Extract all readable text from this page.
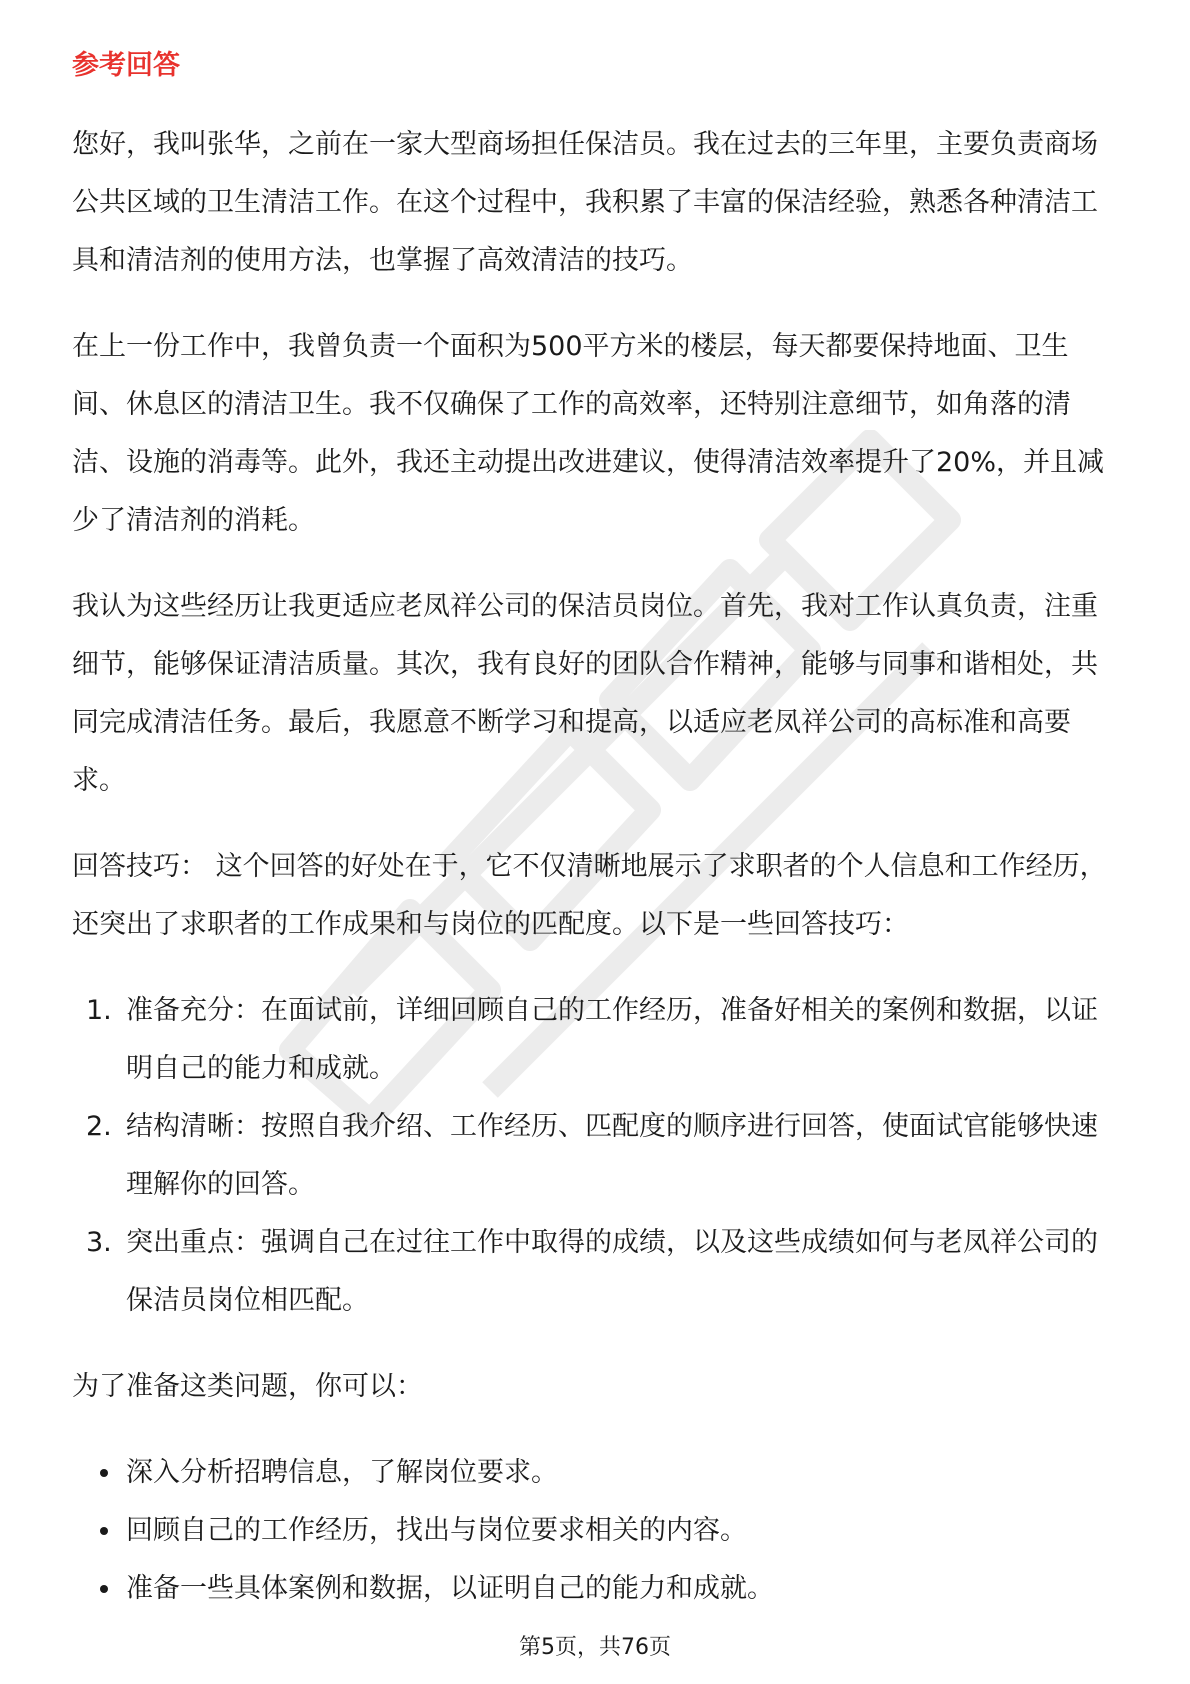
参考回答

您好，我叫张华，之前在一家大型商场担任保洁员。我在过去的三年里，主要负责商场公共区域的卫生清洁工作。在这个过程中，我积累了丰富的保洁经验，熟悉各种清洁工具和清洁剂的使用方法，也掌握了高效清洁的技巧。

在上一份工作中，我曾负责一个面积为500平方米的楼层，每天都要保持地面、卫生间、休息区的清洁卫生。我不仅确保了工作的高效率，还特别注意细节，如角落的清洁、设施的消毒等。此外，我还主动提出改进建议，使得清洁效率提升了20%，并且减少了清洁剂的消耗。

我认为这些经历让我更适应老凤祥公司的保洁员岗位。首先，我对工作认真负责，注重细节，能够保证清洁质量。其次，我有良好的团队合作精神，能够与同事和谐相处，共同完成清洁任务。最后，我愿意不断学习和提高，以适应老凤祥公司的高标准和高要求。

回答技巧： 这个回答的好处在于，它不仅清晰地展示了求职者的个人信息和工作经历，还突出了求职者的工作成果和与岗位的匹配度。以下是一些回答技巧：

1. 准备充分：在面试前，详细回顾自己的工作经历，准备好相关的案例和数据，以证明自己的能力和成就。
2. 结构清晰：按照自我介绍、工作经历、匹配度的顺序进行回答，使面试官能够快速理解你的回答。
3. 突出重点：强调自己在过往工作中取得的成绩，以及这些成绩如何与老凤祥公司的保洁员岗位相匹配。

为了准备这类问题，你可以：

深入分析招聘信息，了解岗位要求。
回顾自己的工作经历，找出与岗位要求相关的内容。
准备一些具体案例和数据，以证明自己的能力和成就。
第5页，共76页
